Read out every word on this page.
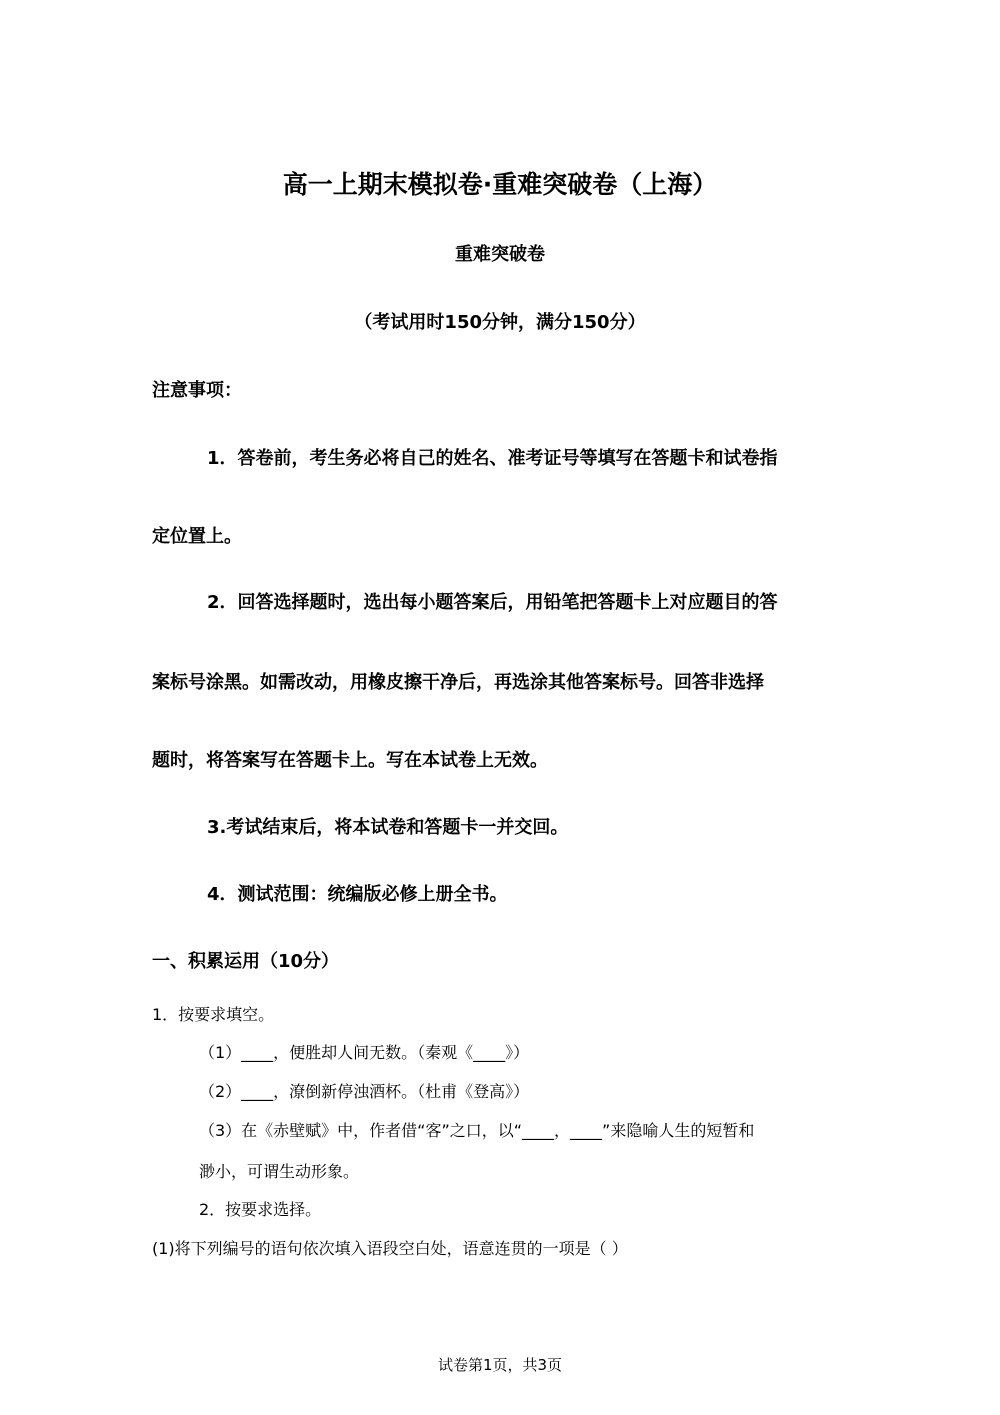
高一上期末模拟卷·重难突破卷（上海）
重难突破卷
（考试用时150分钟，满分150分）
注意事项：
1．答卷前，考生务必将自己的姓名、准考证号等填写在答题卡和试卷指
定位置上。
2．回答选择题时，选出每小题答案后，用铅笔把答题卡上对应题目的答
案标号涂黑。如需改动，用橡皮擦干净后，再选涂其他答案标号。回答非选择
题时，将答案写在答题卡上。写在本试卷上无效。
3.考试结束后，将本试卷和答题卡一并交回。
4．测试范围：统编版必修上册全书。
一、积累运用（10分）
1．按要求填空。
（1）____，便胜却人间无数。（秦观《____》）
（2）____，潦倒新停浊酒杯。（杜甫《登高》）
（3）在《赤壁赋》中，作者借“客”之口，以“____，____”来隐喻人生的短暂和
渺小，可谓生动形象。
2．按要求选择。
(1)将下列编号的语句依次填入语段空白处，语意连贯的一项是（ ）
试卷第1页，共3页
